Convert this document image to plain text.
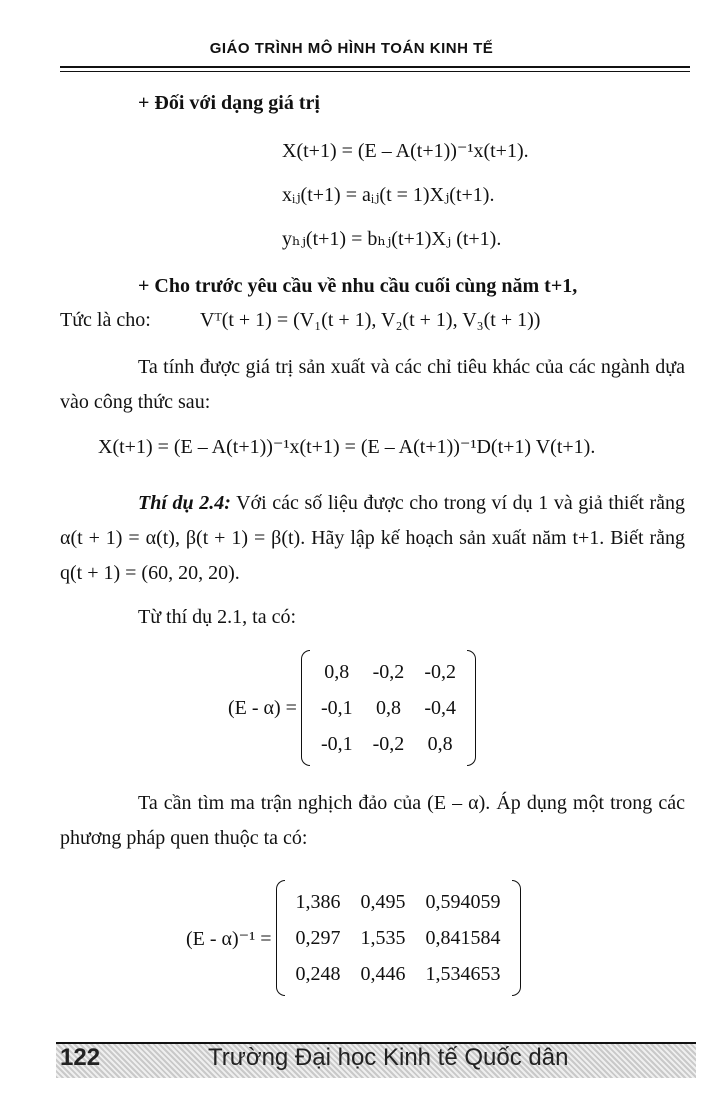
GIÁO TRÌNH MÔ HÌNH TOÁN KINH TẾ
+ Đối với dạng giá trị
X(t+1) = (E – A(t+1))⁻¹x(t+1).
xᵢⱼ(t+1) = aᵢⱼ(t = 1)Xⱼ(t+1).
yₕⱼ(t+1) = bₕⱼ(t+1)Xⱼ (t+1).
+ Cho trước yêu cầu về nhu cầu cuối cùng năm t+1,
Tức là cho: Vᵀ(t + 1) = (V₁(t + 1), V₂(t + 1), V₃(t + 1))
Ta tính được giá trị sản xuất và các chỉ tiêu khác của các ngành dựa vào công thức sau:
X(t+1) = (E – A(t+1))⁻¹x(t+1) = (E – A(t+1))⁻¹D(t+1) V(t+1).
Thí dụ 2.4: Với các số liệu được cho trong ví dụ 1 và giả thiết rằng α(t + 1) = α(t), β(t + 1) = β(t). Hãy lập kế hoạch sản xuất năm t+1. Biết rằng q(t + 1) = (60, 20, 20).
Từ thí dụ 2.1, ta có:
(E - α) =
0,8	-0,2	-0,2
-0,1	0,8	-0,4
-0,1	-0,2	0,8
Ta cần tìm ma trận nghịch đảo của (E – α). Áp dụng một trong các phương pháp quen thuộc ta có:
(E - α)⁻¹ =
1,386	0,495	0,594059
0,297	1,535	0,841584
0,248	0,446	1,534653
122	Trường Đại học Kinh tế Quốc dân
